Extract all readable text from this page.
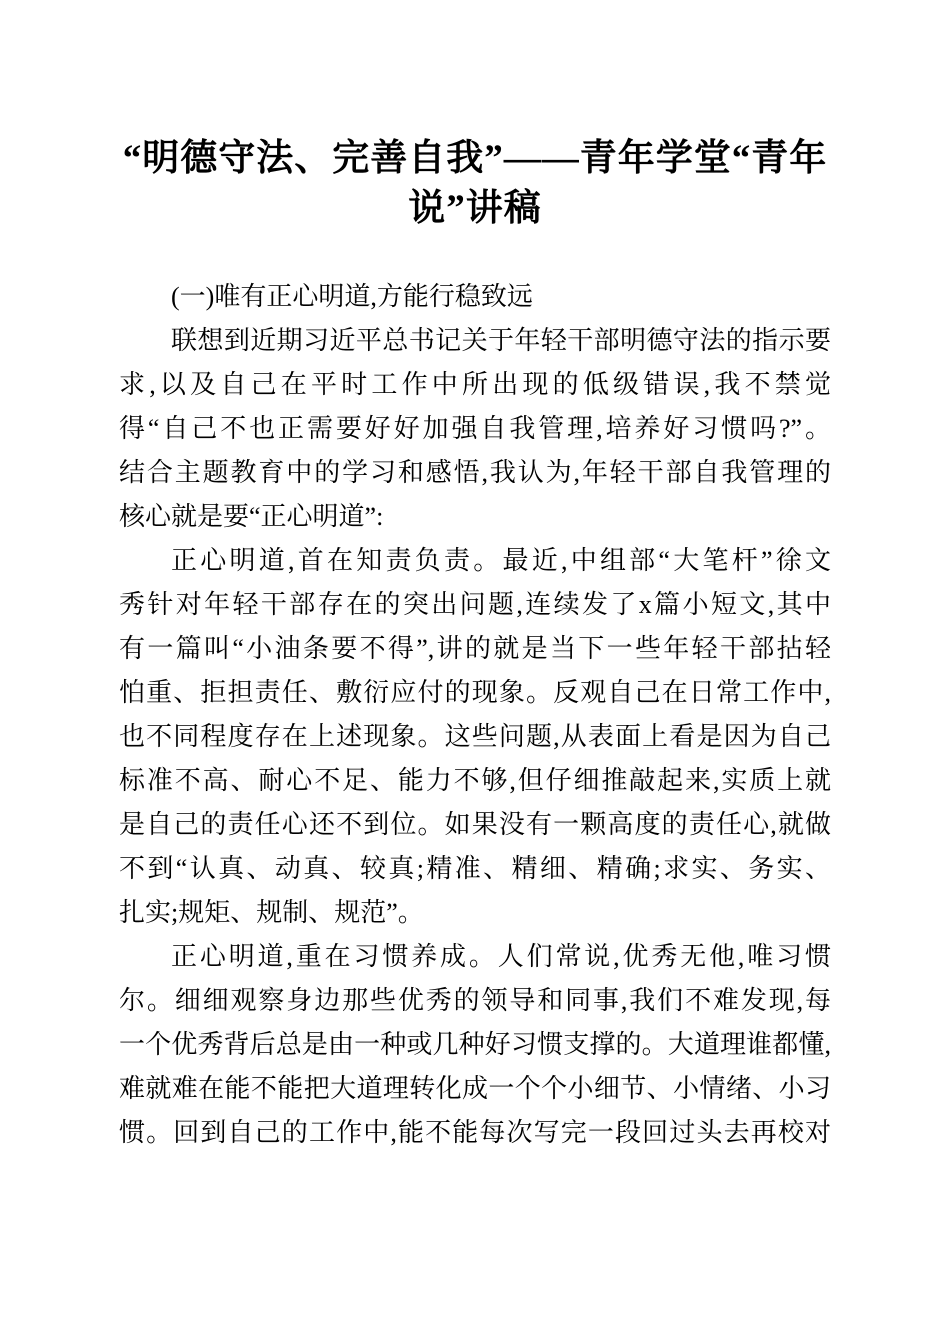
“明德守法、完善自我”——青年学堂“青年说”讲稿
(一)唯有正心明道,方能行稳致远
联想到近期习近平总书记关于年轻干部明德守法的指示要
求,以及自己在平时工作中所出现的低级错误,我不禁觉
得“自己不也正需要好好加强自我管理,培养好习惯吗?”。
结合主题教育中的学习和感悟,我认为,年轻干部自我管理的
核心就是要“正心明道”:
正心明道,首在知责负责。最近,中组部“大笔杆”徐文
秀针对年轻干部存在的突出问题,连续发了x篇小短文,其中
有一篇叫“小油条要不得”,讲的就是当下一些年轻干部拈轻
怕重、拒担责任、敷衍应付的现象。反观自己在日常工作中,
也不同程度存在上述现象。这些问题,从表面上看是因为自己
标准不高、耐心不足、能力不够,但仔细推敲起来,实质上就
是自己的责任心还不到位。如果没有一颗高度的责任心,就做
不到“认真、动真、较真;精准、精细、精确;求实、务实、
扎实;规矩、规制、规范”。
正心明道,重在习惯养成。人们常说,优秀无他,唯习惯
尔。细细观察身边那些优秀的领导和同事,我们不难发现,每
一个优秀背后总是由一种或几种好习惯支撑的。大道理谁都懂,
难就难在能不能把大道理转化成一个个小细节、小情绪、小习
惯。回到自己的工作中,能不能每次写完一段回过头去再校对
